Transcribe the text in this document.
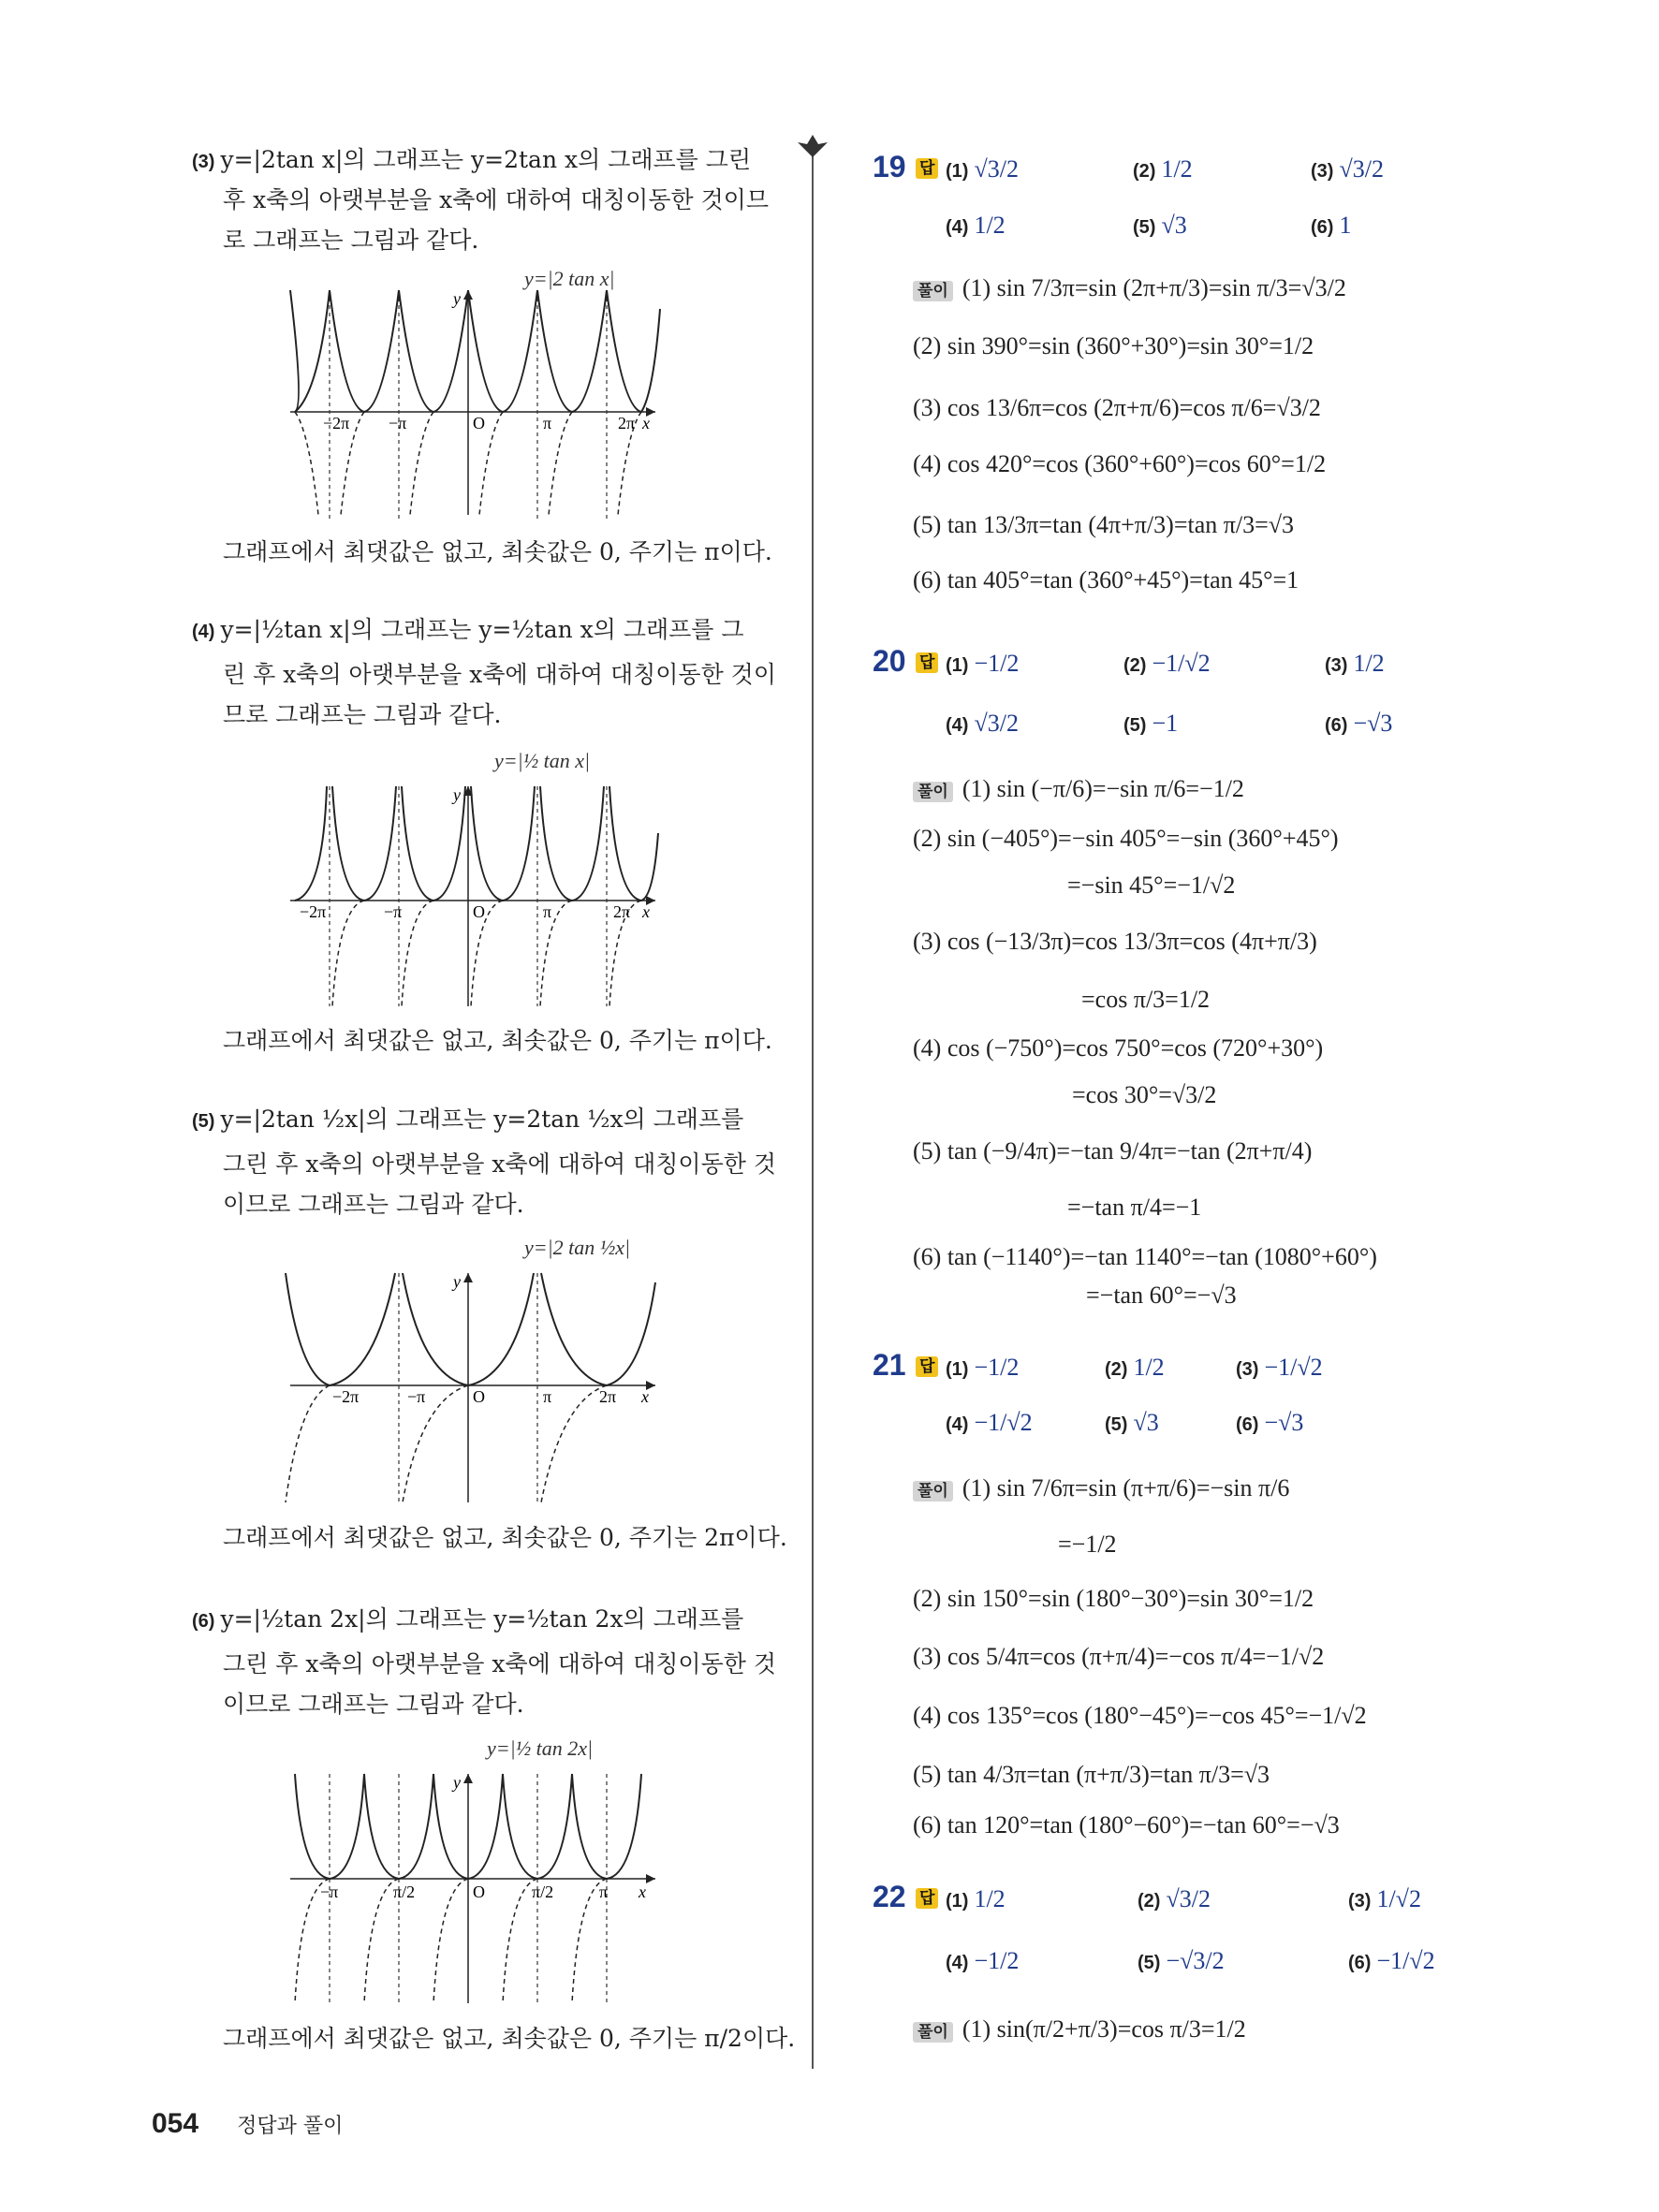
(3) y=|2tan x|의 그래프는 y=2tan x의 그래프를 그린
후 x축의 아랫부분을 x축에 대하여 대칭이동한 것이므
로 그래프는 그림과 같다.
y=|2 tan x|
−2π −π	O	π	2π x
y
그래프에서 최댓값은 없고, 최솟값은 0, 주기는 π이다.
(4) y=|½tan x|의 그래프는 y=½tan x의 그래프를 그
린 후 x축의 아랫부분을 x축에 대하여 대칭이동한 것이
므로 그래프는 그림과 같다.
y=|½ tan x|
−2π	−π	O	π	2π x
y
그래프에서 최댓값은 없고, 최솟값은 0, 주기는 π이다.
(5) y=|2tan ½x|의 그래프는 y=2tan ½x의 그래프를
그린 후 x축의 아랫부분을 x축에 대하여 대칭이동한 것
이므로 그래프는 그림과 같다.
y=|2 tan ½x|
−2π	−π	O	π	2π x
y
그래프에서 최댓값은 없고, 최솟값은 0, 주기는 2π이다.
(6) y=|½tan 2x|의 그래프는 y=½tan 2x의 그래프를
그린 후 x축의 아랫부분을 x축에 대하여 대칭이동한 것
이므로 그래프는 그림과 같다.
y=|½ tan 2x|
−π	π/2	O	π/2	π x
y
그래프에서 최댓값은 없고, 최솟값은 0, 주기는 π/2이다.
19 답 (1) √3/2	(2) 1/2	(3) √3/2
(4) 1/2	(5) √3	(6) 1
풀이 (1) sin 7/3π=sin (2π+π/3)=sin π/3=√3/2
(2) sin 390°=sin (360°+30°)=sin 30°=1/2
(3) cos 13/6π=cos (2π+π/6)=cos π/6=√3/2
(4) cos 420°=cos (360°+60°)=cos 60°=1/2
(5) tan 13/3π=tan (4π+π/3)=tan π/3=√3
(6) tan 405°=tan (360°+45°)=tan 45°=1
20 답 (1) −1/2	(2) −1/√2	(3) 1/2
(4) √3/2	(5) −1	(6) −√3
풀이 (1) sin (−π/6)=−sin π/6=−1/2
(2) sin (−405°)=−sin 405°=−sin (360°+45°)
=−sin 45°=−1/√2
(3) cos (−13/3π)=cos 13/3π=cos (4π+π/3)
=cos π/3=1/2
(4) cos (−750°)=cos 750°=cos (720°+30°)
=cos 30°=√3/2
(5) tan (−9/4π)=−tan 9/4π=−tan (2π+π/4)
=−tan π/4=−1
(6) tan (−1140°)=−tan 1140°=−tan (1080°+60°)
=−tan 60°=−√3
21 답 (1) −1/2	(2) 1/2	(3) −1/√2
(4) −1/√2	(5) √3	(6) −√3
풀이 (1) sin 7/6π=sin (π+π/6)=−sin π/6
=−1/2
(2) sin 150°=sin (180°−30°)=sin 30°=1/2
(3) cos 5/4π=cos (π+π/4)=−cos π/4=−1/√2
(4) cos 135°=cos (180°−45°)=−cos 45°=−1/√2
(5) tan 4/3π=tan (π+π/3)=tan π/3=√3
(6) tan 120°=tan (180°−60°)=−tan 60°=−√3
22 답 (1) 1/2	(2) √3/2	(3) 1/√2
(4) −1/2	(5) −√3/2	(6) −1/√2
풀이 (1) sin(π/2+π/3)=cos π/3=1/2
054 정답과 풀이
